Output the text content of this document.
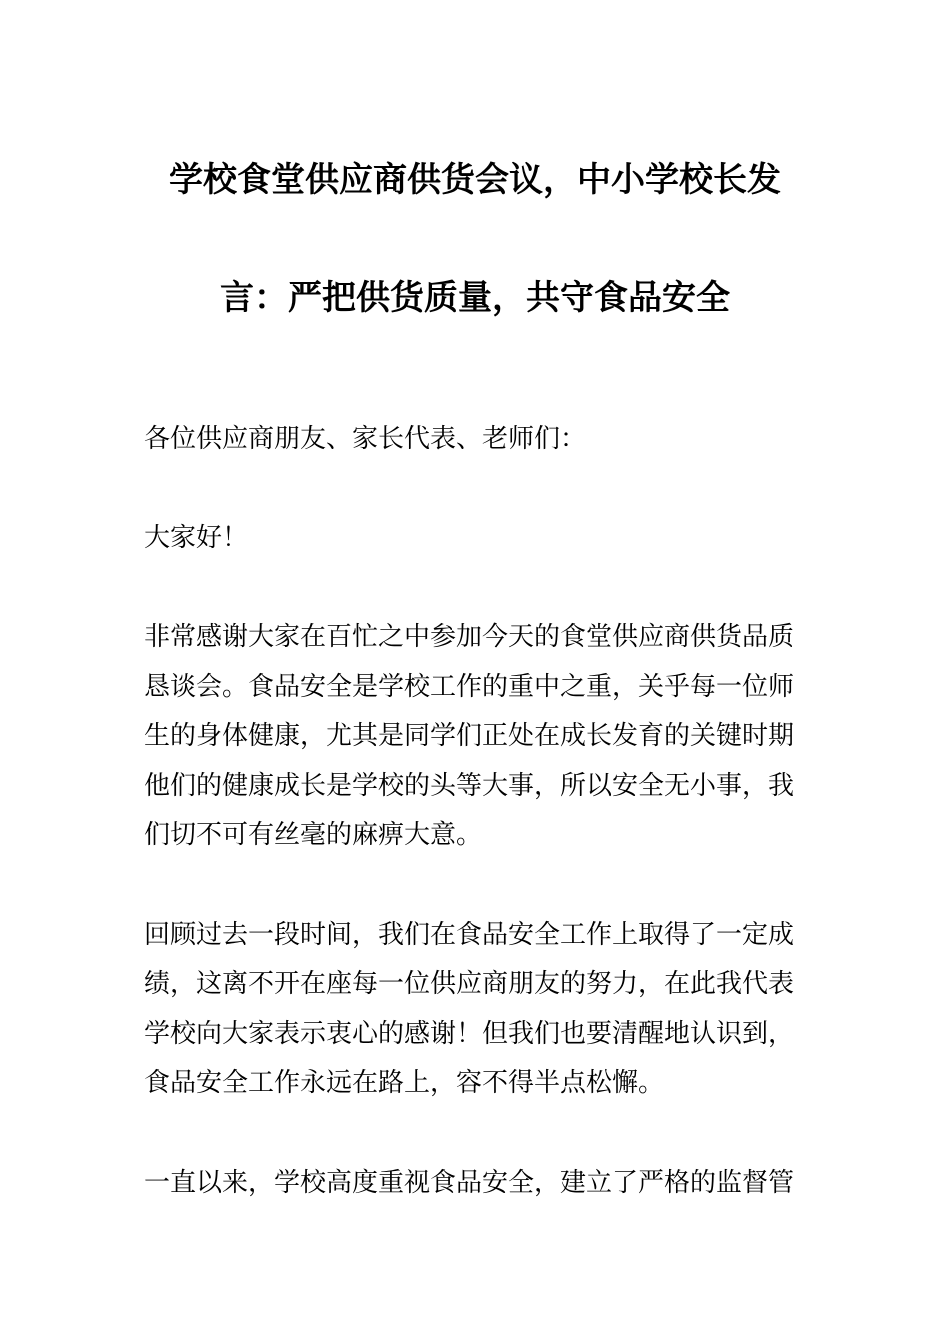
学校食堂供应商供货会议，中小学校长发
言：严把供货质量，共守食品安全
各位供应商朋友、家长代表、老师们：
大家好！
非常感谢大家在百忙之中参加今天的食堂供应商供货品质
恳谈会。食品安全是学校工作的重中之重，关乎每一位师
生的身体健康，尤其是同学们正处在成长发育的关键时期
他们的健康成长是学校的头等大事，所以安全无小事，我
们切不可有丝毫的麻痹大意。
回顾过去一段时间，我们在食品安全工作上取得了一定成
绩，这离不开在座每一位供应商朋友的努力，在此我代表
学校向大家表示衷心的感谢！但我们也要清醒地认识到，
食品安全工作永远在路上，容不得半点松懈。
一直以来，学校高度重视食品安全，建立了严格的监督管
